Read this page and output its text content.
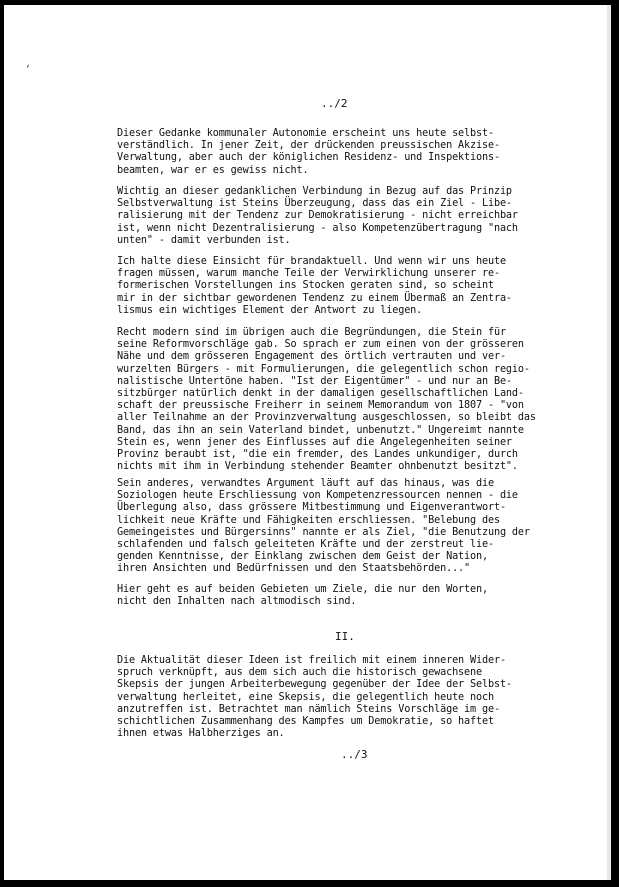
‘
../2

Dieser Gedanke kommunaler Autonomie erscheint uns heute selbst-
verständlich. In jener Zeit, der drückenden preussischen Akzise-
Verwaltung, aber auch der königlichen Residenz- und Inspektions-
beamten, war er es gewiss nicht.

Wichtig an dieser gedanklichen Verbindung in Bezug auf das Prinzip
Selbstverwaltung ist Steins Überzeugung, dass das ein Ziel - Libe-
ralisierung mit der Tendenz zur Demokratisierung - nicht erreichbar
ist, wenn nicht Dezentralisierung - also Kompetenzübertragung "nach
unten" - damit verbunden ist.

Ich halte diese Einsicht für brandaktuell. Und wenn wir uns heute
fragen müssen, warum manche Teile der Verwirklichung unserer re-
formerischen Vorstellungen ins Stocken geraten sind, so scheint
mir in der sichtbar gewordenen Tendenz zu einem Übermaß an Zentra-
lismus ein wichtiges Element der Antwort zu liegen.

Recht modern sind im übrigen auch die Begründungen, die Stein für
seine Reformvorschläge gab. So sprach er zum einen von der grösseren
Nähe und dem grösseren Engagement des örtlich vertrauten und ver-
wurzelten Bürgers - mit Formulierungen, die gelegentlich schon regio-
nalistische Untertöne haben. "Ist der Eigentümer" - und nur an Be-
sitzbürger natürlich denkt in der damaligen gesellschaftlichen Land-
schaft der preussische Freiherr in seinem Memorandum von 1807 - "von
aller Teilnahme an der Provinzverwaltung ausgeschlossen, so bleibt das
Band, das ihn an sein Vaterland bindet, unbenutzt." Ungereimt nannte
Stein es, wenn jener des Einflusses auf die Angelegenheiten seiner
Provinz beraubt ist, "die ein fremder, des Landes unkundiger, durch
nichts mit ihm in Verbindung stehender Beamter ohnbenutzt besitzt".

Sein anderes, verwandtes Argument läuft auf das hinaus, was die
Soziologen heute Erschliessung von Kompetenzressourcen nennen - die
Überlegung also, dass grössere Mitbestimmung und Eigenverantwort-
lichkeit neue Kräfte und Fähigkeiten erschliessen. "Belebung des
Gemeingeistes und Bürgersinns" nannte er als Ziel, "die Benutzung der
schlafenden und falsch geleiteten Kräfte und der zerstreut lie-
genden Kenntnisse, der Einklang zwischen dem Geist der Nation,
ihren Ansichten und Bedürfnissen und den Staatsbehörden..."

Hier geht es auf beiden Gebieten um Ziele, die nur den Worten,
nicht den Inhalten nach altmodisch sind.

II.

Die Aktualität dieser Ideen ist freilich mit einem inneren Wider-
spruch verknüpft, aus dem sich auch die historisch gewachsene
Skepsis der jungen Arbeiterbewegung gegenüber der Idee der Selbst-
verwaltung herleitet, eine Skepsis, die gelegentlich heute noch
anzutreffen ist. Betrachtet man nämlich Steins Vorschläge im ge-
schichtlichen Zusammenhang des Kampfes um Demokratie, so haftet
ihnen etwas Halbherziges an.

../3
